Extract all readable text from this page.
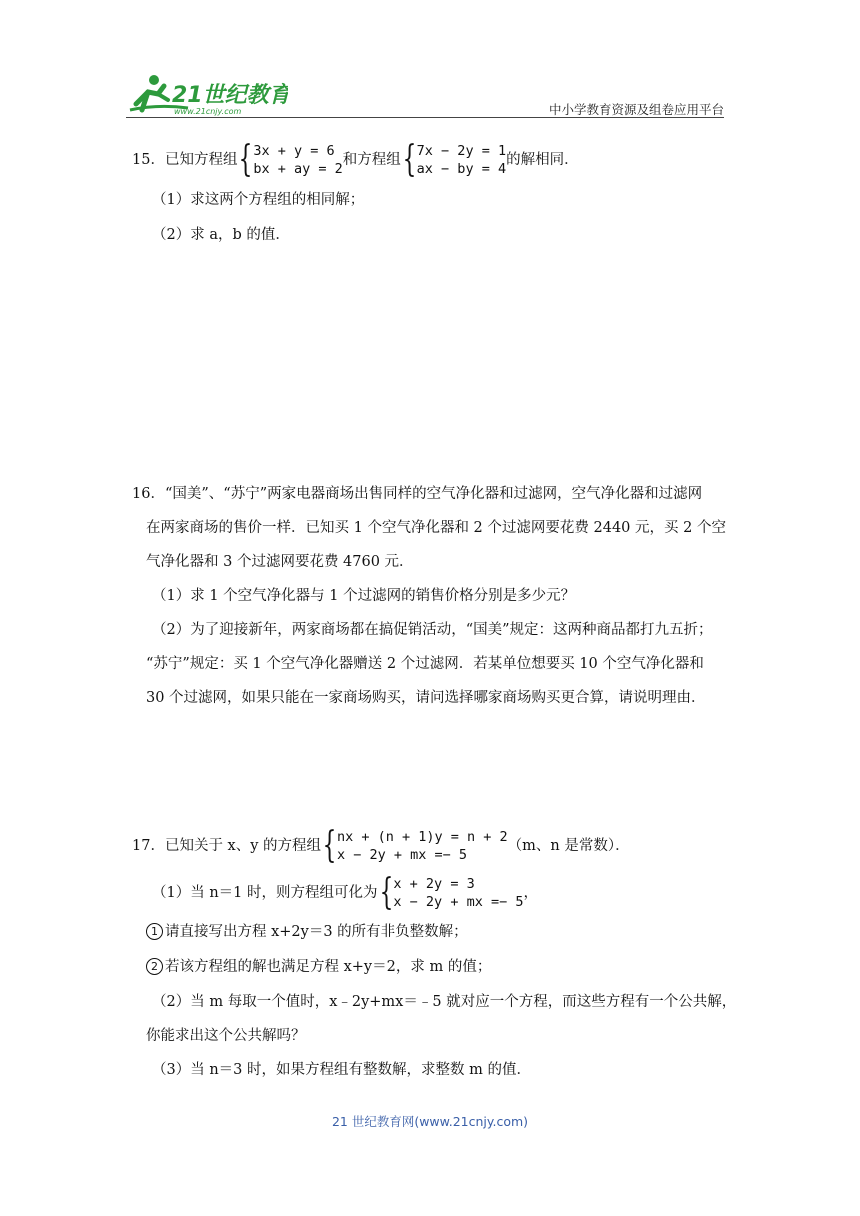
21世纪教育
www.21cnjy.com	中小学教育资源及组卷应用平台
15．已知方程组{ 3x + y = 6
bx + ay = 2
和方程组{ 7x − 2y = 1
ax − by = 4
的解相同．
（1）求这两个方程组的相同解；
（2）求 a，b 的值．
16．“国美”、“苏宁”两家电器商场出售同样的空气净化器和过滤网，空气净化器和过滤网
在两家商场的售价一样．已知买 1 个空气净化器和 2 个过滤网要花费 2440 元，买 2 个空
气净化器和 3 个过滤网要花费 4760 元．
（1）求 1 个空气净化器与 1 个过滤网的销售价格分别是多少元？
（2）为了迎接新年，两家商场都在搞促销活动，“国美”规定：这两种商品都打九五折；
“苏宁”规定：买 1 个空气净化器赠送 2 个过滤网．若某单位想要买 10 个空气净化器和
30 个过滤网，如果只能在一家商场购买，请问选择哪家商场购买更合算，请说明理由．
17．已知关于 x、y 的方程组{ nx + (n + 1)y = n + 2
x − 2y + mx =− 5
（m、n 是常数）．
（1）当 n＝1 时，则方程组可化为{ x + 2y = 3
x − 2y + mx =− 5
，
1 请直接写出方程 x+2y＝3 的所有非负整数解；
2 若该方程组的解也满足方程 x+y＝2，求 m 的值；
（2）当 m 每取一个值时，x﹣2y+mx＝﹣5 就对应一个方程，而这些方程有一个公共解，
你能求出这个公共解吗？
（3）当 n＝3 时，如果方程组有整数解，求整数 m 的值．
21 世纪教育网(www.21cnjy.com)
